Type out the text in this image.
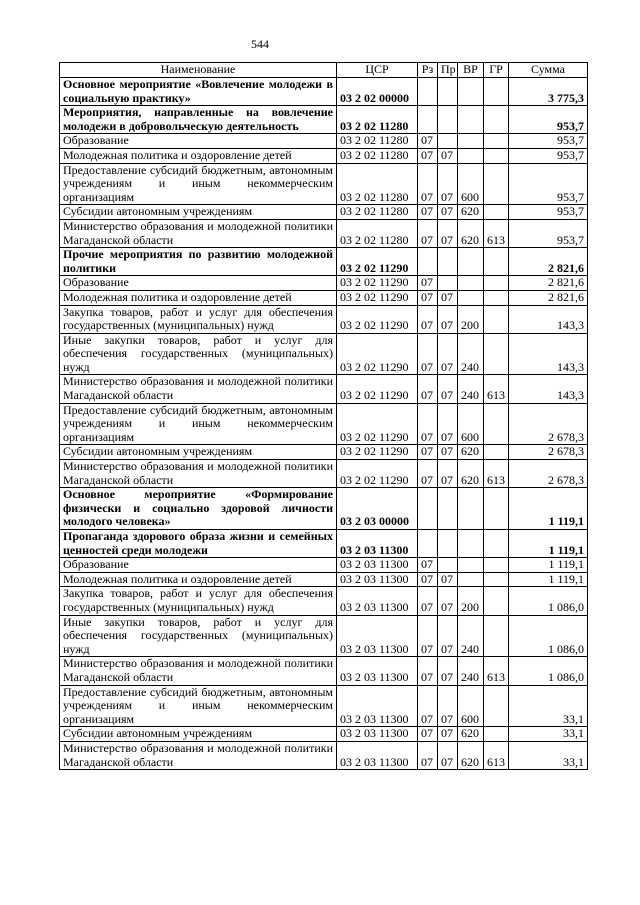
544
Наименование	ЦСР	Рз	Пр	ВР	ГР	Сумма
Основное мероприятие «Вовлечение молодежи в социальную практику»	03 2 02 00000					3 775,3
Мероприятия, направленные на вовлечение молодежи в добровольческую деятельность	03 2 02 11280					953,7
Образование	03 2 02 11280	07				953,7
Молодежная политика и оздоровление детей	03 2 02 11280	07	07			953,7
Предоставление субсидий бюджетным, автономным учреждениям и иным некоммерческим организациям	03 2 02 11280	07	07	600		953,7
Субсидии автономным учреждениям	03 2 02 11280	07	07	620		953,7
Министерство образования и молодежной политики Магаданской области	03 2 02 11280	07	07	620	613	953,7
Прочие мероприятия по развитию молодежной политики	03 2 02 11290					2 821,6
Образование	03 2 02 11290	07				2 821,6
Молодежная политика и оздоровление детей	03 2 02 11290	07	07			2 821,6
Закупка товаров, работ и услуг для обеспечения государственных (муниципальных) нужд	03 2 02 11290	07	07	200		143,3
Иные закупки товаров, работ и услуг для обеспечения государственных (муниципальных) нужд	03 2 02 11290	07	07	240		143,3
Министерство образования и молодежной политики Магаданской области	03 2 02 11290	07	07	240	613	143,3
Предоставление субсидий бюджетным, автономным учреждениям и иным некоммерческим организациям	03 2 02 11290	07	07	600		2 678,3
Субсидии автономным учреждениям	03 2 02 11290	07	07	620		2 678,3
Министерство образования и молодежной политики Магаданской области	03 2 02 11290	07	07	620	613	2 678,3
Основное мероприятие «Формирование физически и социально здоровой личности молодого человека»	03 2 03 00000					1 119,1
Пропаганда здорового образа жизни и семейных ценностей среди молодежи	03 2 03 11300					1 119,1
Образование	03 2 03 11300	07				1 119,1
Молодежная политика и оздоровление детей	03 2 03 11300	07	07			1 119,1
Закупка товаров, работ и услуг для обеспечения государственных (муниципальных) нужд	03 2 03 11300	07	07	200		1 086,0
Иные закупки товаров, работ и услуг для обеспечения государственных (муниципальных) нужд	03 2 03 11300	07	07	240		1 086,0
Министерство образования и молодежной политики Магаданской области	03 2 03 11300	07	07	240	613	1 086,0
Предоставление субсидий бюджетным, автономным учреждениям и иным некоммерческим организациям	03 2 03 11300	07	07	600		33,1
Субсидии автономным учреждениям	03 2 03 11300	07	07	620		33,1
Министерство образования и молодежной политики Магаданской области	03 2 03 11300	07	07	620	613	33,1
